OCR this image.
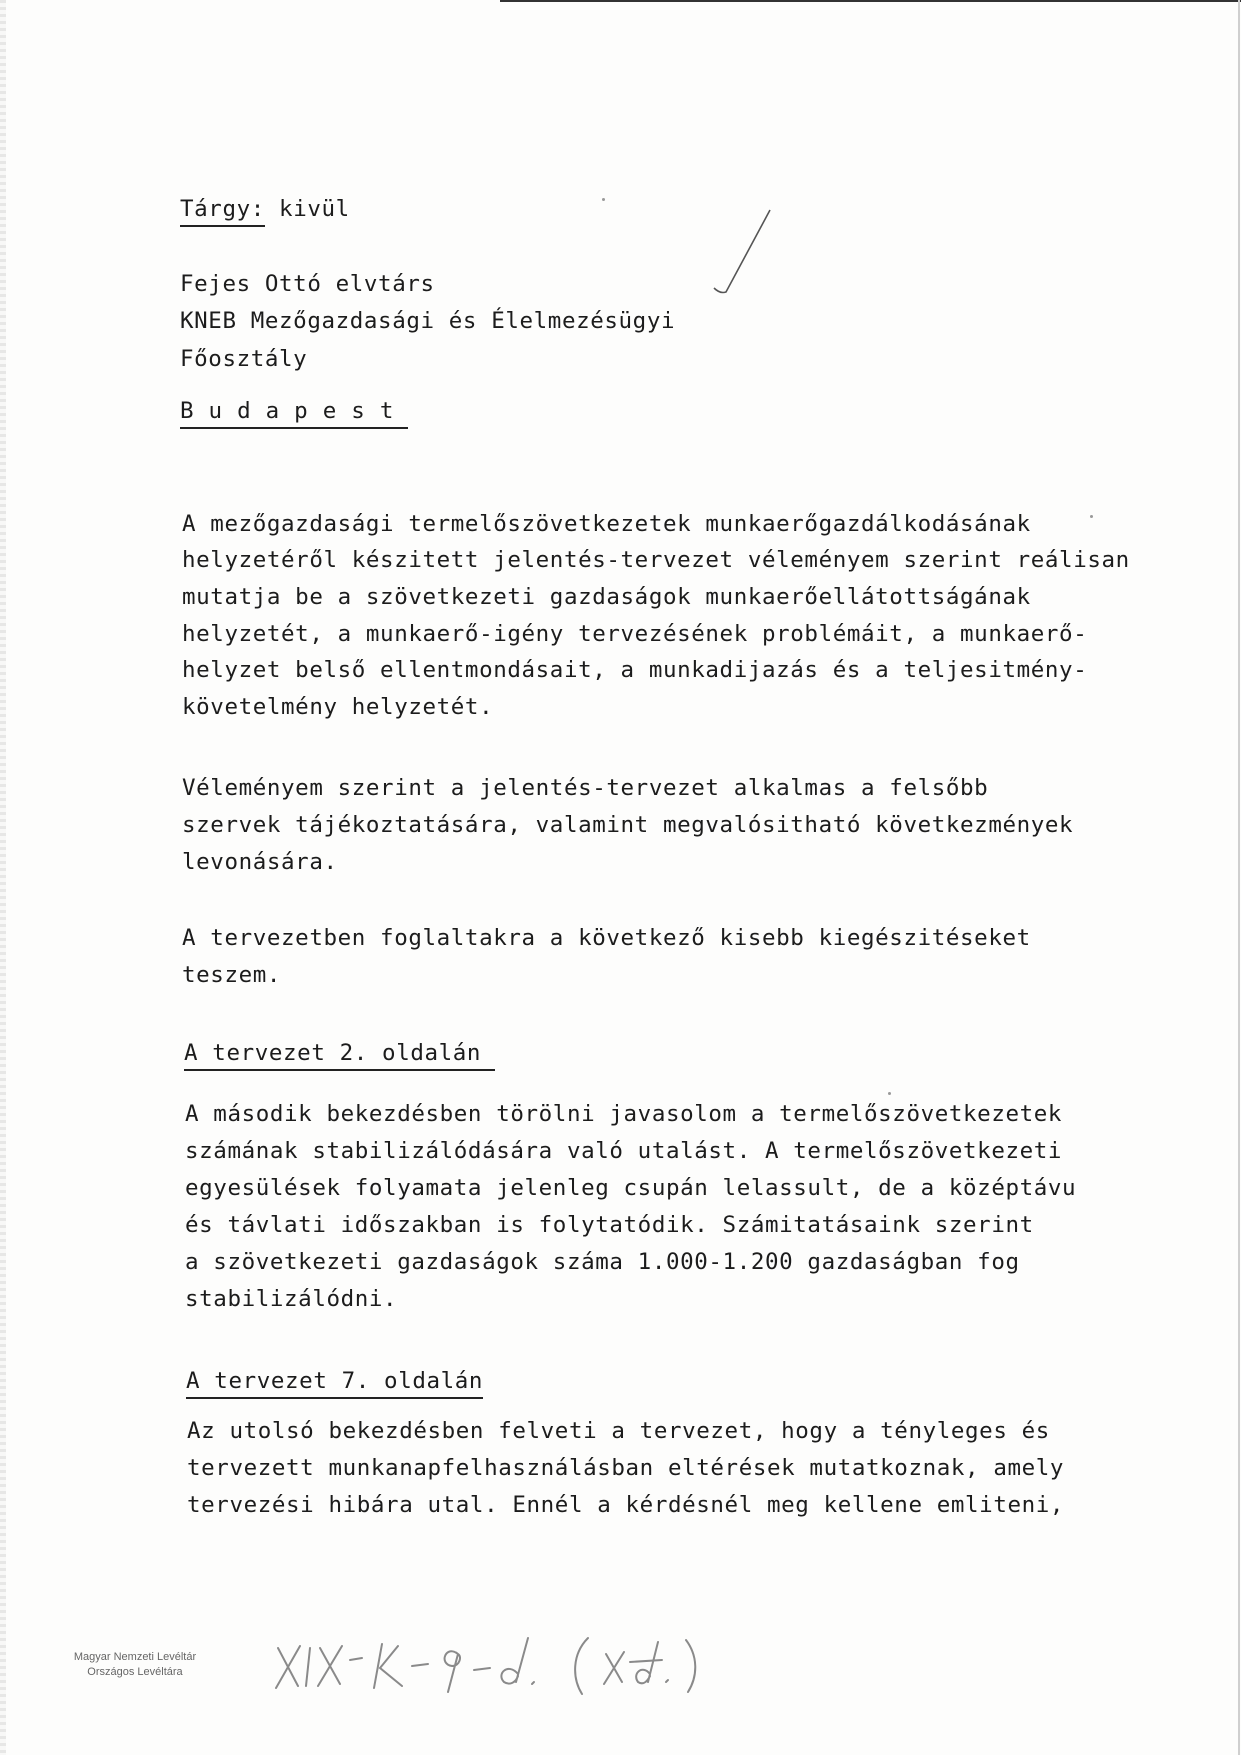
Tárgy: kivül
Fejes Ottó elvtárs
KNEB Mezőgazdasági és Élelmezésügyi
Főosztály
Budapest
A mezőgazdasági termelőszövetkezetek munkaerőgazdálkodásának
helyzetéről készitett jelentés-tervezet véleményem szerint reálisan
mutatja be a szövetkezeti gazdaságok munkaerőellátottságának
helyzetét, a munkaerő-igény tervezésének problémáit, a munkaerő-
helyzet belső ellentmondásait, a munkadijazás és a teljesitmény-
követelmény helyzetét.
Véleményem szerint a jelentés-tervezet alkalmas a felsőbb
szervek tájékoztatására, valamint megvalósitható következmények
levonására.
A tervezetben foglaltakra a következő kisebb kiegészitéseket
teszem.
A tervezet 2. oldalán
A második bekezdésben törölni javasolom a termelőszövetkezetek
számának stabilizálódására való utalást. A termelőszövetkezeti
egyesülések folyamata jelenleg csupán lelassult, de a középtávu
és távlati időszakban is folytatódik. Számitatásaink szerint
a szövetkezeti gazdaságok száma 1.000-1.200 gazdaságban fog
stabilizálódni.
A tervezet 7. oldalán
Az utolsó bekezdésben felveti a tervezet, hogy a tényleges és
tervezett munkanapfelhasználásban eltérések mutatkoznak, amely
tervezési hibára utal. Ennél a kérdésnél meg kellene emliteni,
Magyar Nemzeti Levéltár
Országos Levéltára
